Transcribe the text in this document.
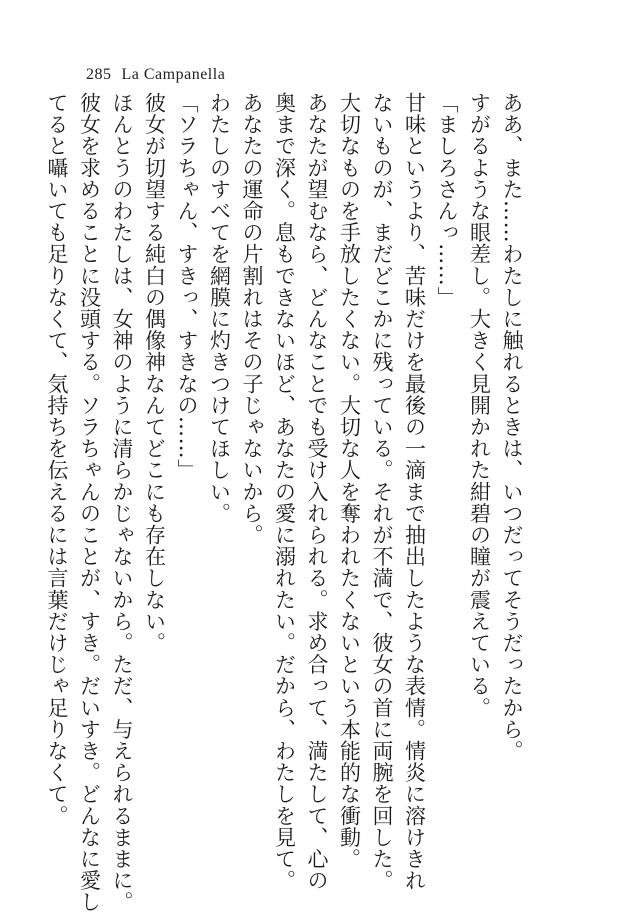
285 La Campanella
ああ、また……わたしに触れるときは、いつだってそうだったから。
すがるような眼差し。大きく見開かれた紺碧の瞳が震えている。
「ましろさんっ……」
甘味というより、苦味だけを最後の一滴まで抽出したような表情。情炎に溶けきれ
ないものが、まだどこかに残っている。それが不満で、彼女の首に両腕を回した。
大切なものを手放したくない。大切な人を奪われたくないという本能的な衝動。
あなたが望むなら、どんなことでも受け入れられる。求め合って、満たして、心の
奥まで深く。息もできないほど、あなたの愛に溺れたい。だから、わたしを見て。
あなたの運命の片割れはその子じゃないから。
わたしのすべてを網膜に灼きつけてほしい。
「ソラちゃん、すきっ、すきなの……」
彼女が切望する純白の偶像神なんてどこにも存在しない。
ほんとうのわたしは、女神のように清らかじゃないから。ただ、与えられるままに。
彼女を求めることに没頭する。ソラちゃんのことが、すき。だいすき。どんなに愛し
てると囁いても足りなくて、気持ちを伝えるには言葉だけじゃ足りなくて。
